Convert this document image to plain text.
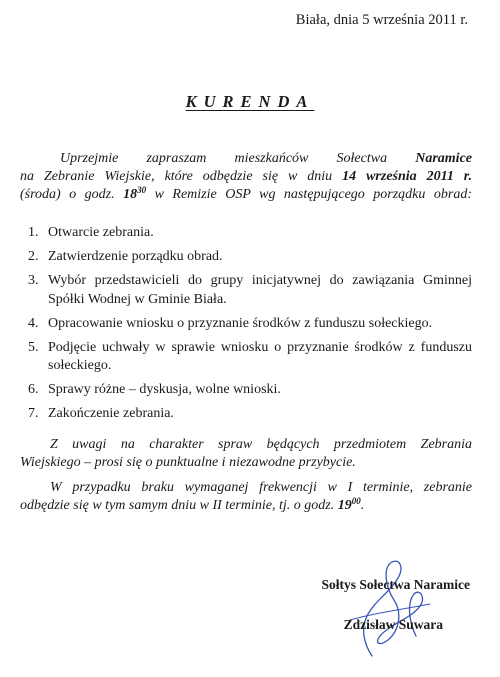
Biała, dnia 5 września 2011 r.
KURENDA
Uprzejmie zapraszam mieszkańców Sołectwa Naramice
na Zebranie Wiejskie, które odbędzie się w dniu 14 września 2011 r.
(środa) o godz. $18^{30}$ w Remizie OSP wg następującego porządku obrad:
1. Otwarcie zebrania.
2. Zatwierdzenie porządku obrad.
3. Wybór przedstawicieli do grupy inicjatywnej do zawiązania Gminnej Spółki Wodnej w Gminie Biała.
4. Opracowanie wniosku o przyznanie środków z funduszu sołeckiego.
5. Podjęcie uchwały w sprawie wniosku o przyznanie środków z funduszu sołeckiego.
6. Sprawy różne – dyskusja, wolne wnioski.
7. Zakończenie zebrania.
Z uwagi na charakter spraw będących przedmiotem Zebrania
Wiejskiego – prosi się o punktualne i niezawodne przybycie.
W przypadku braku wymaganej frekwencji w I terminie, zebranie
odbędzie się w tym samym dniu w II terminie, tj. o godz. $19^{00}$.
Sołtys Sołectwa Naramice
Zdzisław Suwara
